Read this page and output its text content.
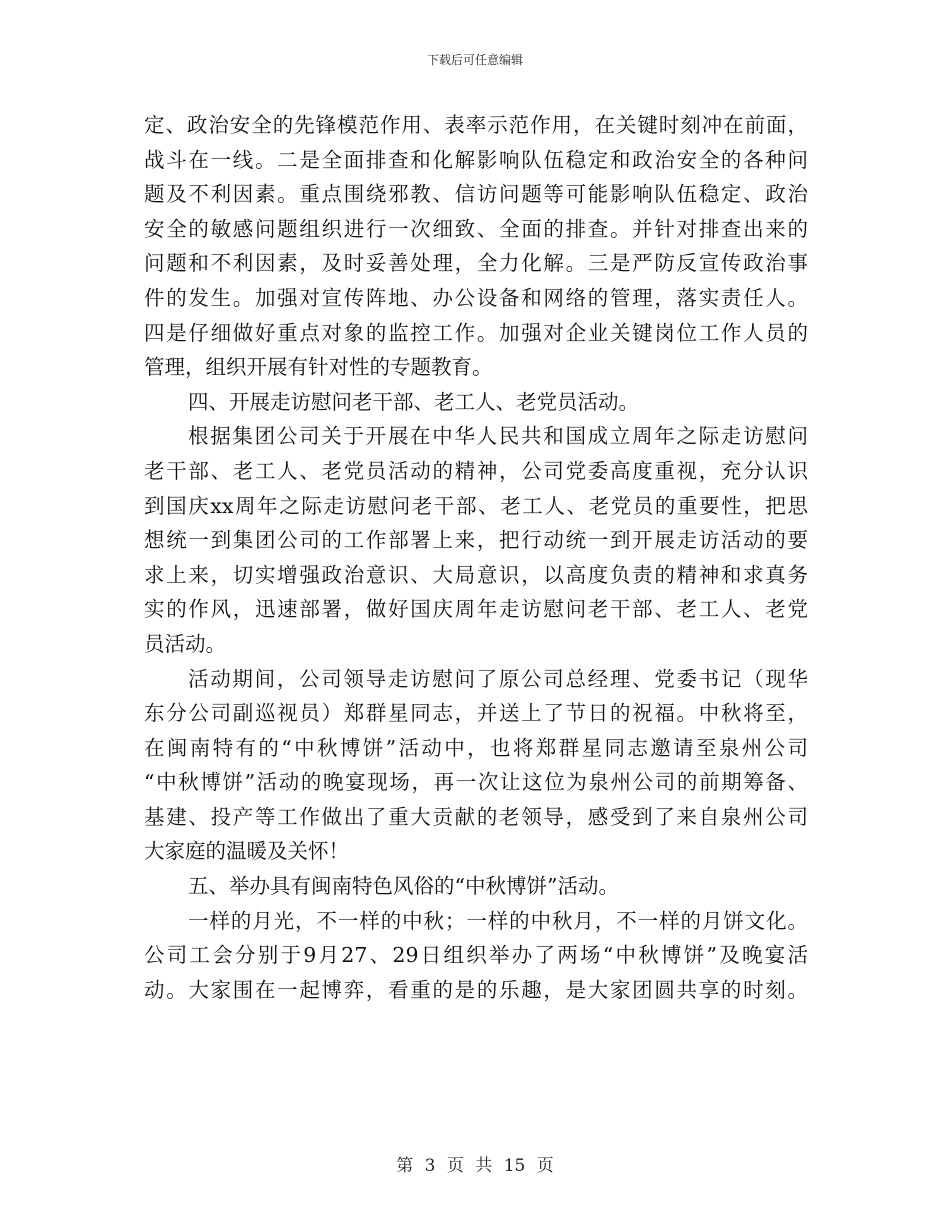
下载后可任意编辑
定、政治安全的先锋模范作用、表率示范作用，在关键时刻冲在前面，
战斗在一线。二是全面排查和化解影响队伍稳定和政治安全的各种问
题及不利因素。重点围绕邪教、信访问题等可能影响队伍稳定、政治
安全的敏感问题组织进行一次细致、全面的排查。并针对排查出来的
问题和不利因素，及时妥善处理，全力化解。三是严防反宣传政治事
件的发生。加强对宣传阵地、办公设备和网络的管理，落实责任人。
四是仔细做好重点对象的监控工作。加强对企业关键岗位工作人员的
管理，组织开展有针对性的专题教育。
四、开展走访慰问老干部、老工人、老党员活动。
根据集团公司关于开展在中华人民共和国成立周年之际走访慰问
老干部、老工人、老党员活动的精神，公司党委高度重视，充分认识
到国庆xx周年之际走访慰问老干部、老工人、老党员的重要性，把思
想统一到集团公司的工作部署上来，把行动统一到开展走访活动的要
求上来，切实增强政治意识、大局意识，以高度负责的精神和求真务
实的作风，迅速部署，做好国庆周年走访慰问老干部、老工人、老党
员活动。
活动期间，公司领导走访慰问了原公司总经理、党委书记（现华
东分公司副巡视员）郑群星同志，并送上了节日的祝福。中秋将至，
在闽南特有的“中秋博饼”活动中，也将郑群星同志邀请至泉州公司
“中秋博饼”活动的晚宴现场，再一次让这位为泉州公司的前期筹备、
基建、投产等工作做出了重大贡献的老领导，感受到了来自泉州公司
大家庭的温暖及关怀！
五、举办具有闽南特色风俗的“中秋博饼”活动。
一样的月光，不一样的中秋；一样的中秋月，不一样的月饼文化。
公司工会分别于9月27、29日组织举办了两场“中秋博饼”及晚宴活
动。大家围在一起博弈，看重的是的乐趣，是大家团圆共享的时刻。
第 3 页 共 15 页
